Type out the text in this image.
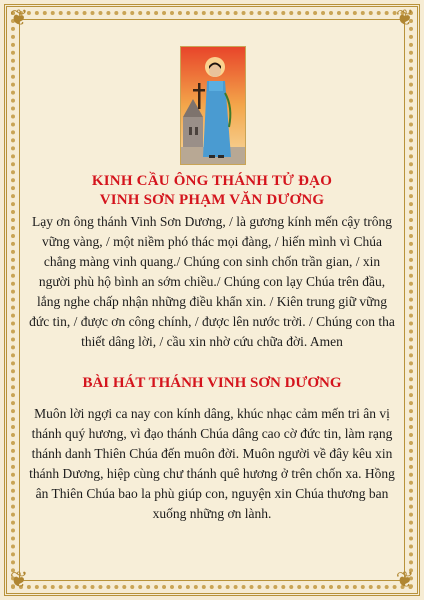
❦	❦
❦	❦
KINH CẦU ÔNG THÁNH TỬ ĐẠO
VINH SƠN PHẠM VĂN DƯƠNG
Lạy ơn ông thánh Vinh Sơn Dương, / là gương kính mến cậy trông vững vàng, / một niềm phó thác mọi đàng, / hiến mình vì Chúa chẳng màng vinh quang./ Chúng con sinh chốn trần gian, / xin người phù hộ bình an sớm chiều./ Chúng con lạy Chúa trên đầu, lắng nghe chấp nhận những điều khẩn xin. / Kiên trung giữ vững đức tin, / được ơn công chính, / được lên nước trời. / Chúng con tha thiết dâng lời, / cầu xin nhờ cứu chữa đời. Amen
BÀI HÁT THÁNH VINH SƠN DƯƠNG
Muôn lời ngợi ca nay con kính dâng, khúc nhạc cảm mến tri ân vị thánh quý hương, vì đạo thánh Chúa dâng cao cờ đức tin, làm rạng thánh danh Thiên Chúa đến muôn đời. Muôn người về đây kêu xin thánh Dương, hiệp cùng chư thánh quê hương ở trên chốn xa. Hồng ân Thiên Chúa bao la phù giúp con, nguyện xin Chúa thương ban xuống những ơn lành.
